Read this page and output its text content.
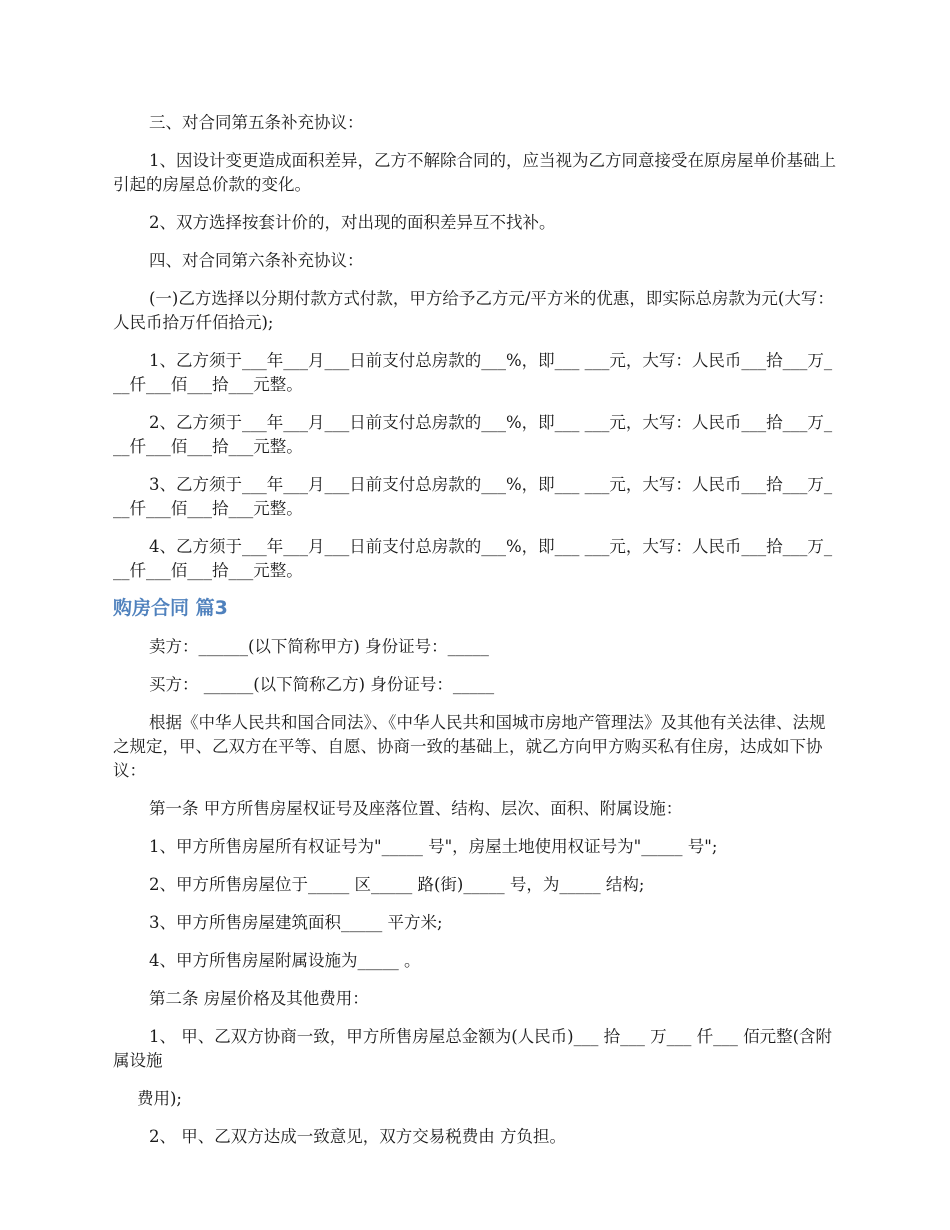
三、对合同第五条补充协议：

1、因设计变更造成面积差异，乙方不解除合同的，应当视为乙方同意接受在原房屋单价基础上引起的房屋总价款的变化。

2、双方选择按套计价的，对出现的面积差异互不找补。

四、对合同第六条补充协议：

(一)乙方选择以分期付款方式付款，甲方给予乙方元/平方米的优惠，即实际总房款为元(大写：人民币拾万仟佰拾元);

1、乙方须于___年___月___日前支付总房款的___%，即___ ___元，大写：人民币___拾___万___仟___佰___拾___元整。

2、乙方须于___年___月___日前支付总房款的___%，即___ ___元，大写：人民币___拾___万___仟___佰___拾___元整。

3、乙方须于___年___月___日前支付总房款的___%，即___ ___元，大写：人民币___拾___万___仟___佰___拾___元整。

4、乙方须于___年___月___日前支付总房款的___%，即___ ___元，大写：人民币___拾___万___仟___佰___拾___元整。

购房合同 篇3

卖方：______(以下简称甲方) 身份证号：_____

买方： ______(以下简称乙方) 身份证号：_____

根据《中华人民共和国合同法》、《中华人民共和国城市房地产管理法》及其他有关法律、法规之规定，甲、乙双方在平等、自愿、协商一致的基础上，就乙方向甲方购买私有住房，达成如下协议：

第一条 甲方所售房屋权证号及座落位置、结构、层次、面积、附属设施：

1、甲方所售房屋所有权证号为"_____ 号"，房屋土地使用权证号为"_____ 号";

2、甲方所售房屋位于_____ 区_____ 路(街)_____ 号，为_____ 结构;

3、甲方所售房屋建筑面积_____ 平方米;

4、甲方所售房屋附属设施为_____ 。

第二条 房屋价格及其他费用：

1、 甲、乙双方协商一致，甲方所售房屋总金额为(人民币)___ 拾___ 万___ 仟___ 佰元整(含附属设施

费用);

2、 甲、乙双方达成一致意见，双方交易税费由 方负担。
